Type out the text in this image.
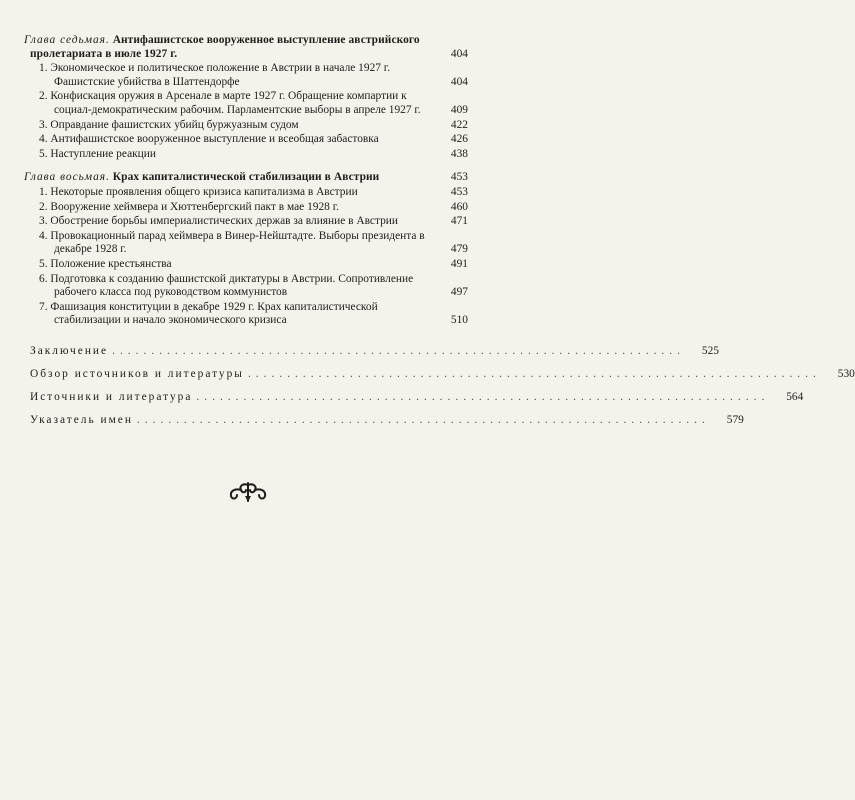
Глава седьмая. Антифашистское вооруженное выступление австрийского пролетариата в июле 1927 г.	404
1. Экономическое и политическое положение в Австрии в начале 1927 г. Фашистские убийства в Шаттендорфе	404
2. Конфискация оружия в Арсенале в марте 1927 г. Обращение компартии к социал-демократическим рабочим. Парламентские выборы в апреле 1927 г.	409
3. Оправдание фашистских убийц буржуазным судом	422
4. Антифашистское вооруженное выступление и всеобщая забастовка	426
5. Наступление реакции	438
Глава восьмая. Крах капиталистической стабилизации в Австрии	453
1. Некоторые проявления общего кризиса капитализма в Австрии	453
2. Вооружение хеймвера и Хюттенбергский пакт в мае 1928 г.	460
3. Обострение борьбы империалистических держав за влияние в Австрии	471
4. Провокационный парад хеймвера в Винер-Нейштадте. Выборы президента в декабре 1928 г.	479
5. Положение крестьянства	491
6. Подготовка к созданию фашистской диктатуры в Австрии. Сопротивление рабочего класса под руководством коммунистов	497
7. Фашизация конституции в декабре 1929 г. Крах капиталистической стабилизации и начало экономического кризиса	510
Заключение .........................................................................	525
Обзор источников и литературы .........................................................................	530
Источники и литература .........................................................................	564
Указатель имен .........................................................................	579
